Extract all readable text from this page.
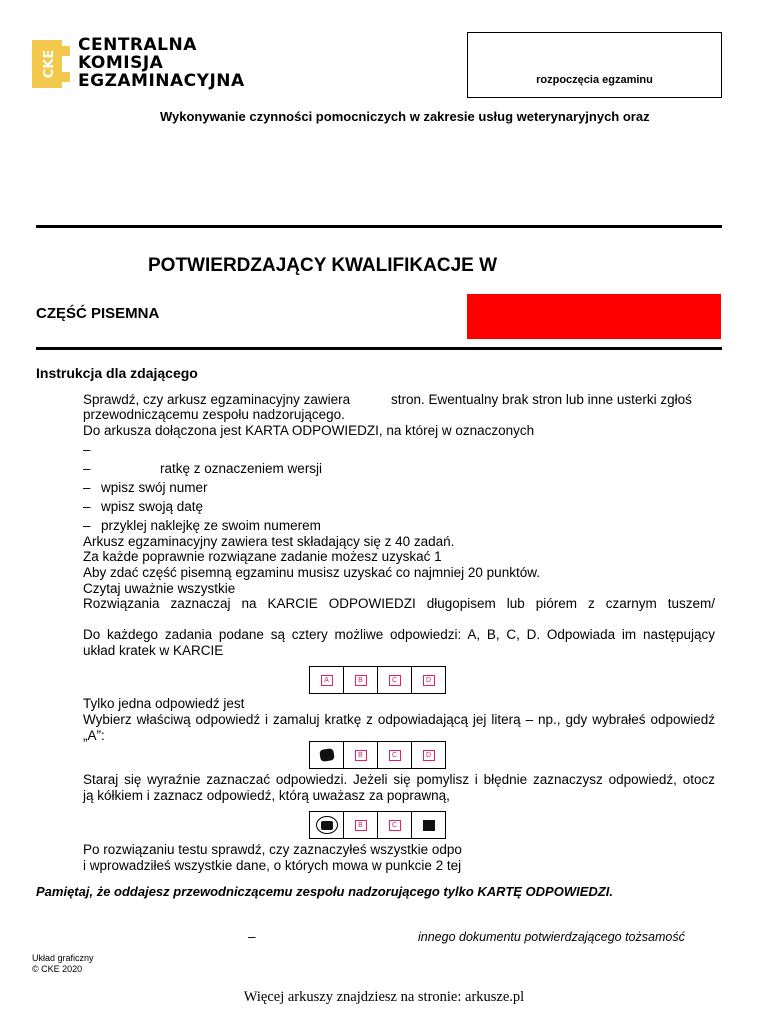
CKE
CENTRALNA
KOMISJA
EGZAMINACYJNA	rozpoczęcia egzaminu
Wykonywanie czynności pomocniczych w zakresie usług weterynaryjnych oraz
POTWIERDZAJĄCY KWALIFIKACJE W
CZĘŚĆ PISEMNA
Instrukcja dla zdającego
Sprawdź, czy arkusz egzaminacyjny zawiera	stron. Ewentualny brak stron lub inne usterki zgłoś
przewodniczącemu zespołu nadzorującego.
Do arkusza dołączona jest KARTA ODPOWIEDZI, na której w oznaczonych
–
–	ratkę z oznaczeniem wersji
– wpisz swój numer
– wpisz swoją datę
– przyklej naklejkę ze swoim numerem
Arkusz egzaminacyjny zawiera test składający się z 40 zadań.
Za każde poprawnie rozwiązane zadanie możesz uzyskać 1
Aby zdać część pisemną egzaminu musisz uzyskać co najmniej 20 punktów.
Czytaj uważnie wszystkie
Rozwiązania zaznaczaj na KARCIE ODPOWIEDZI długopisem lub piórem z czarnym tuszem/
Do każdego zadania podane są cztery możliwe odpowiedzi: A, B, C, D. Odpowiada im następujący
układ kratek w KARCIE
A	B	C	D
Tylko jedna odpowiedź jest
Wybierz właściwą odpowiedź i zamaluj kratkę z odpowiadającą jej literą – np., gdy wybrałeś odpowiedź
„A”:
B	C	D
Staraj się wyraźnie zaznaczać odpowiedzi. Jeżeli się pomylisz i błędnie zaznaczysz odpowiedź, otocz
ją kółkiem i zaznacz odpowiedź, którą uważasz za poprawną,
B	C
Po rozwiązaniu testu sprawdź, czy zaznaczyłeś wszystkie odpo
i wprowadziłeś wszystkie dane, o których mowa w punkcie 2 tej
Pamiętaj, że oddajesz przewodniczącemu zespołu nadzorującego tylko KARTĘ ODPOWIEDZI.
–	innego dokumentu potwierdzającego tożsamość
Układ graficzny
© CKE 2020
Więcej arkuszy znajdziesz na stronie: arkusze.pl
